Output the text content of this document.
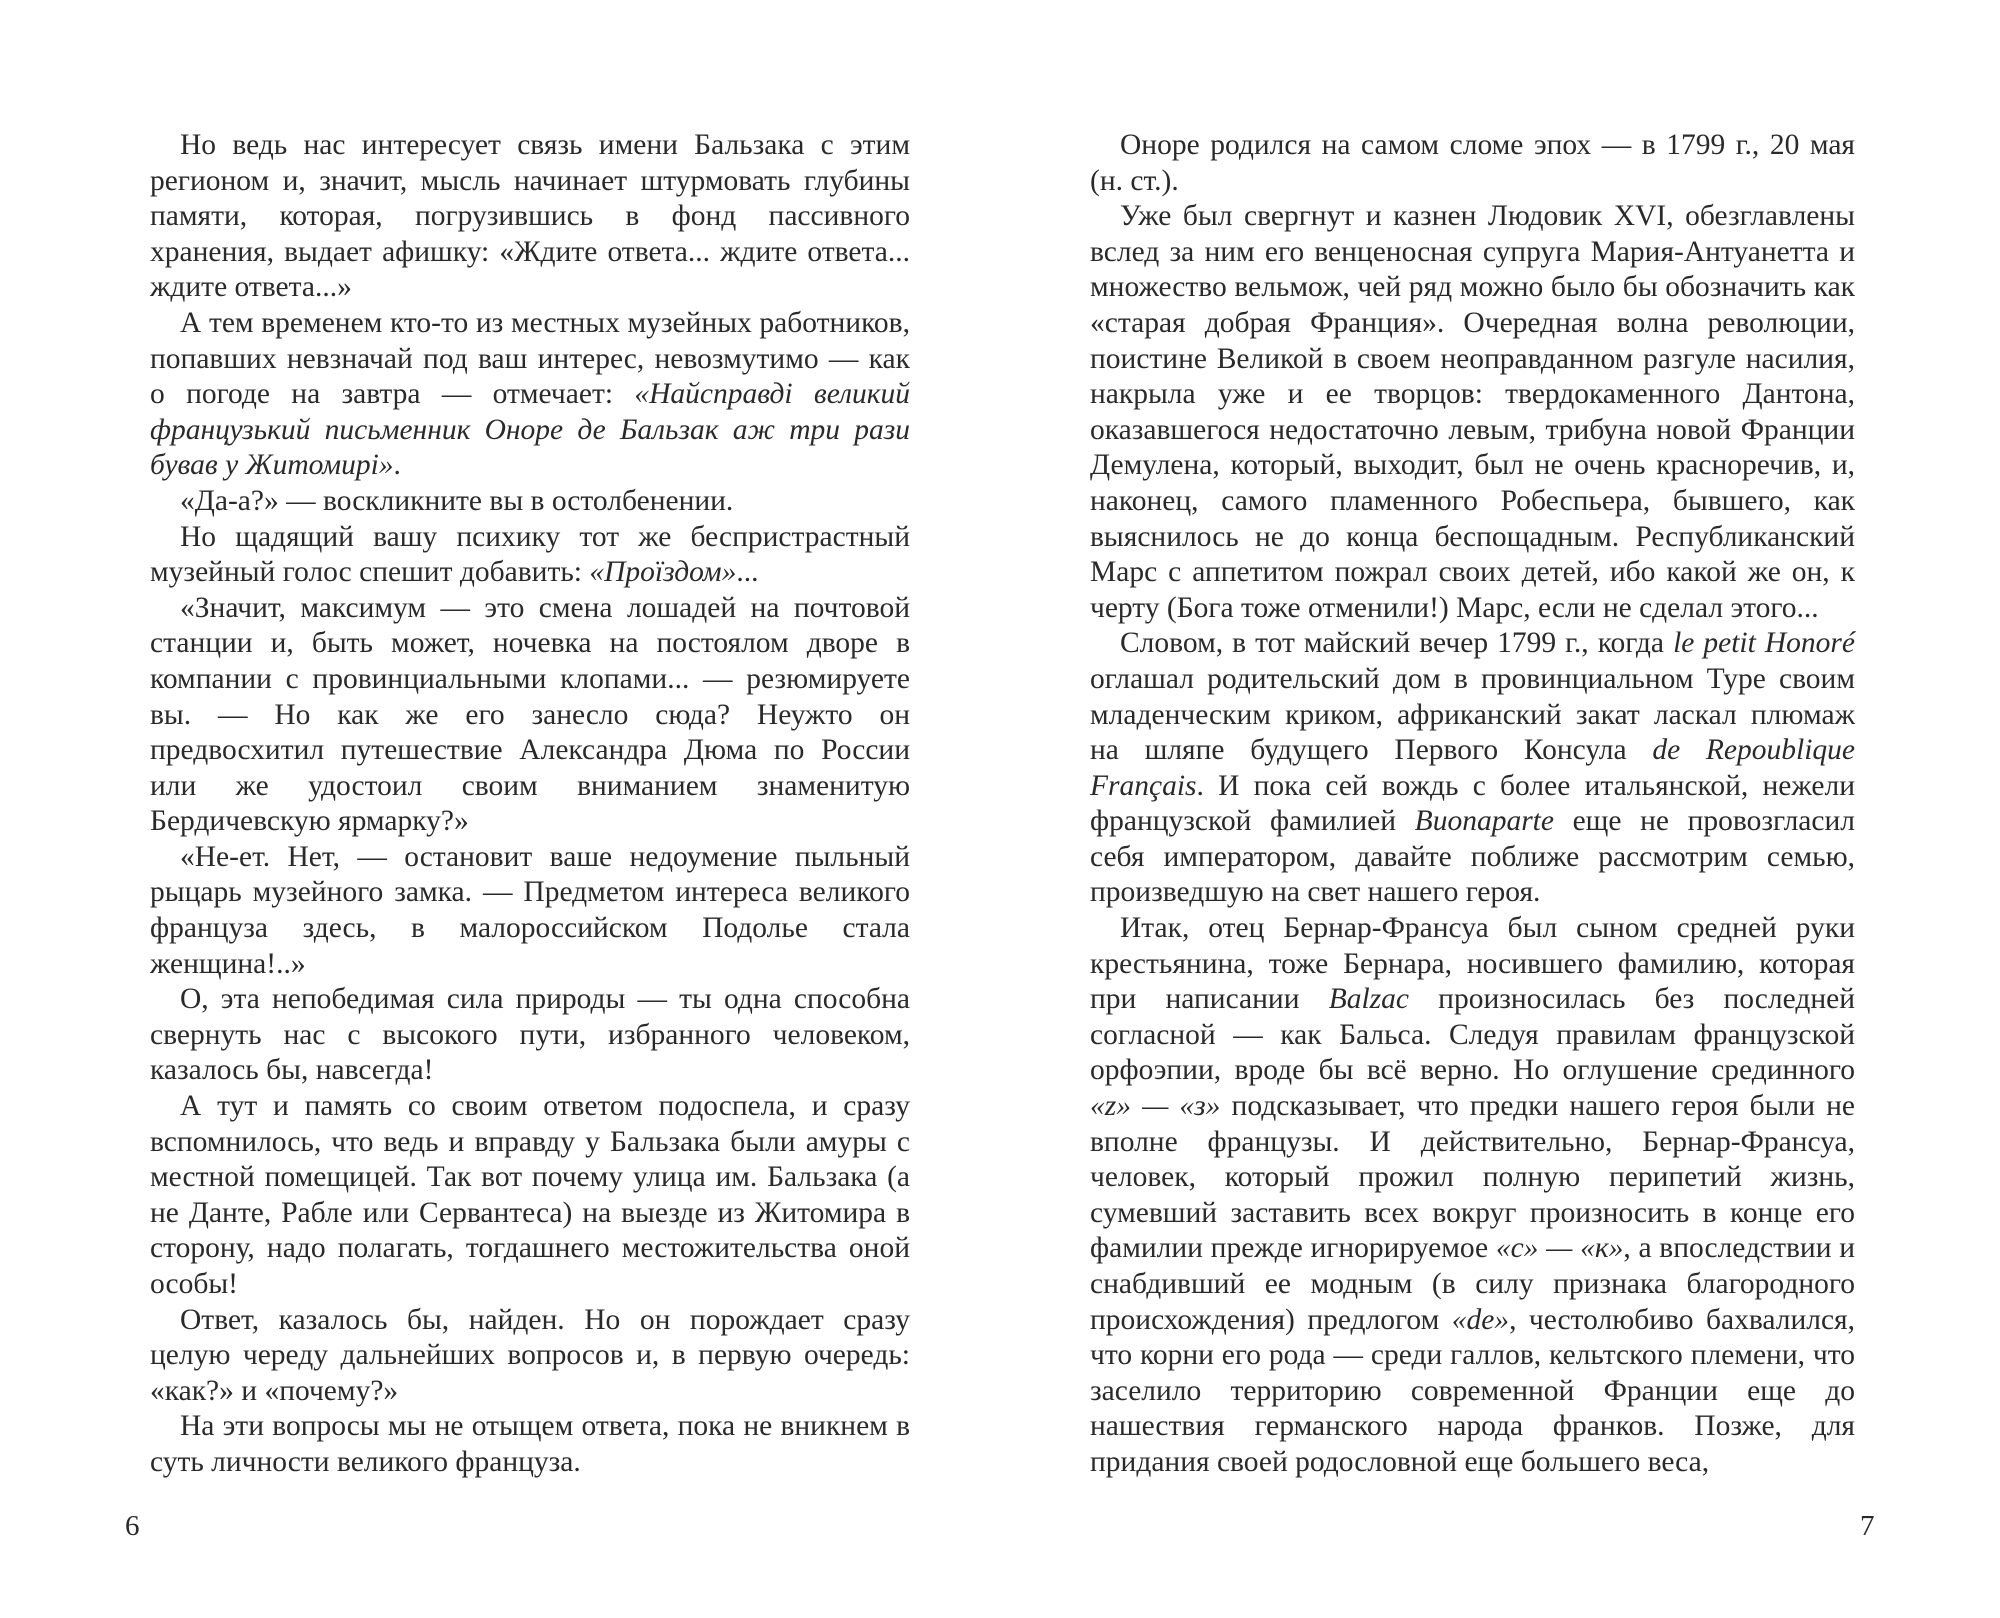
Но ведь нас интересует связь имени Бальзака с этим регионом и, значит, мысль начинает штурмовать глубины памяти, которая, погрузившись в фонд пассивного хранения, выдает афишку: «Ждите ответа... ждите ответа... ждите ответа...»

А тем временем кто-то из местных музейных работников, попавших невзначай под ваш интерес, невозмутимо — как о погоде на завтра — отмечает: «Найсправдi великий французький письменник Оноре де Бальзак аж три рази бував у Житомирi».

«Да-а?» — воскликните вы в остолбенении.

Но щадящий вашу психику тот же беспристрастный музейный голос спешит добавить: «Проїздом»...

«Значит, максимум — это смена лошадей на почтовой станции и, быть может, ночевка на постоялом дворе в компании с провинциальными клопами... — резюмируете вы. — Но как же его занесло сюда? Неужто он предвосхитил путешествие Александра Дюма по России или же удостоил своим вниманием знаменитую Бердичевскую ярмарку?»

«Не-ет. Нет, — остановит ваше недоумение пыльный рыцарь музейного замка. — Предметом интереса великого француза здесь, в малороссийском Подолье стала женщина!..»

О, эта непобедимая сила природы — ты одна способна свернуть нас с высокого пути, избранного человеком, казалось бы, навсегда!

А тут и память со своим ответом подоспела, и сразу вспомнилось, что ведь и вправду у Бальзака были амуры с местной помещицей. Так вот почему улица им. Бальзака (а не Данте, Рабле или Сервантеса) на выезде из Житомира в сторону, надо полагать, тогдашнего местожительства оной особы!

Ответ, казалось бы, найден. Но он порождает сразу целую череду дальнейших вопросов и, в первую очередь: «как?» и «почему?»

На эти вопросы мы не отыщем ответа, пока не вникнем в суть личности великого француза.

6

Оноре родился на самом сломе эпох — в 1799 г., 20 мая (н. ст.).

Уже был свергнут и казнен Людовик XVI, обезглавлены вслед за ним его венценосная супруга Мария-Антуанетта и множество вельмож, чей ряд можно было бы обозначить как «старая добрая Франция». Очередная волна революции, поистине Великой в своем неоправданном разгуле насилия, накрыла уже и ее творцов: твердокаменного Дантона, оказавшегося недостаточно левым, трибуна новой Франции Демулена, который, выходит, был не очень красноречив, и, наконец, самого пламенного Робеспьера, бывшего, как выяснилось не до конца беспощадным. Республиканский Марс с аппетитом пожрал своих детей, ибо какой же он, к черту (Бога тоже отменили!) Марс, если не сделал этого...

Словом, в тот майский вечер 1799 г., когда le petit Honoré оглашал родительский дом в провинциальном Туре своим младенческим криком, африканский закат ласкал плюмаж на шляпе будущего Первого Консула de Repoublique Français. И пока сей вождь с более итальянской, нежели французской фамилией Buonaparte еще не провозгласил себя императором, давайте поближе рассмотрим семью, произведшую на свет нашего героя.

Итак, отец Бернар-Франсуа был сыном средней руки крестьянина, тоже Бернара, носившего фамилию, которая при написании Balzac произносилась без последней согласной — как Бальса. Следуя правилам французской орфоэпии, вроде бы всё верно. Но оглушение срединного «z» — «з» подсказывает, что предки нашего героя были не вполне французы. И действительно, Бернар-Франсуа, человек, который прожил полную перипетий жизнь, сумевший заставить всех вокруг произносить в конце его фамилии прежде игнорируемое «с» — «к», а впоследствии и снабдивший ее модным (в силу признака благородного происхождения) предлогом «de», честолюбиво бахвалился, что корни его рода — среди галлов, кельтского племени, что заселило территорию современной Франции еще до нашествия германского народа франков. Позже, для придания своей родословной еще большего веса,

7
